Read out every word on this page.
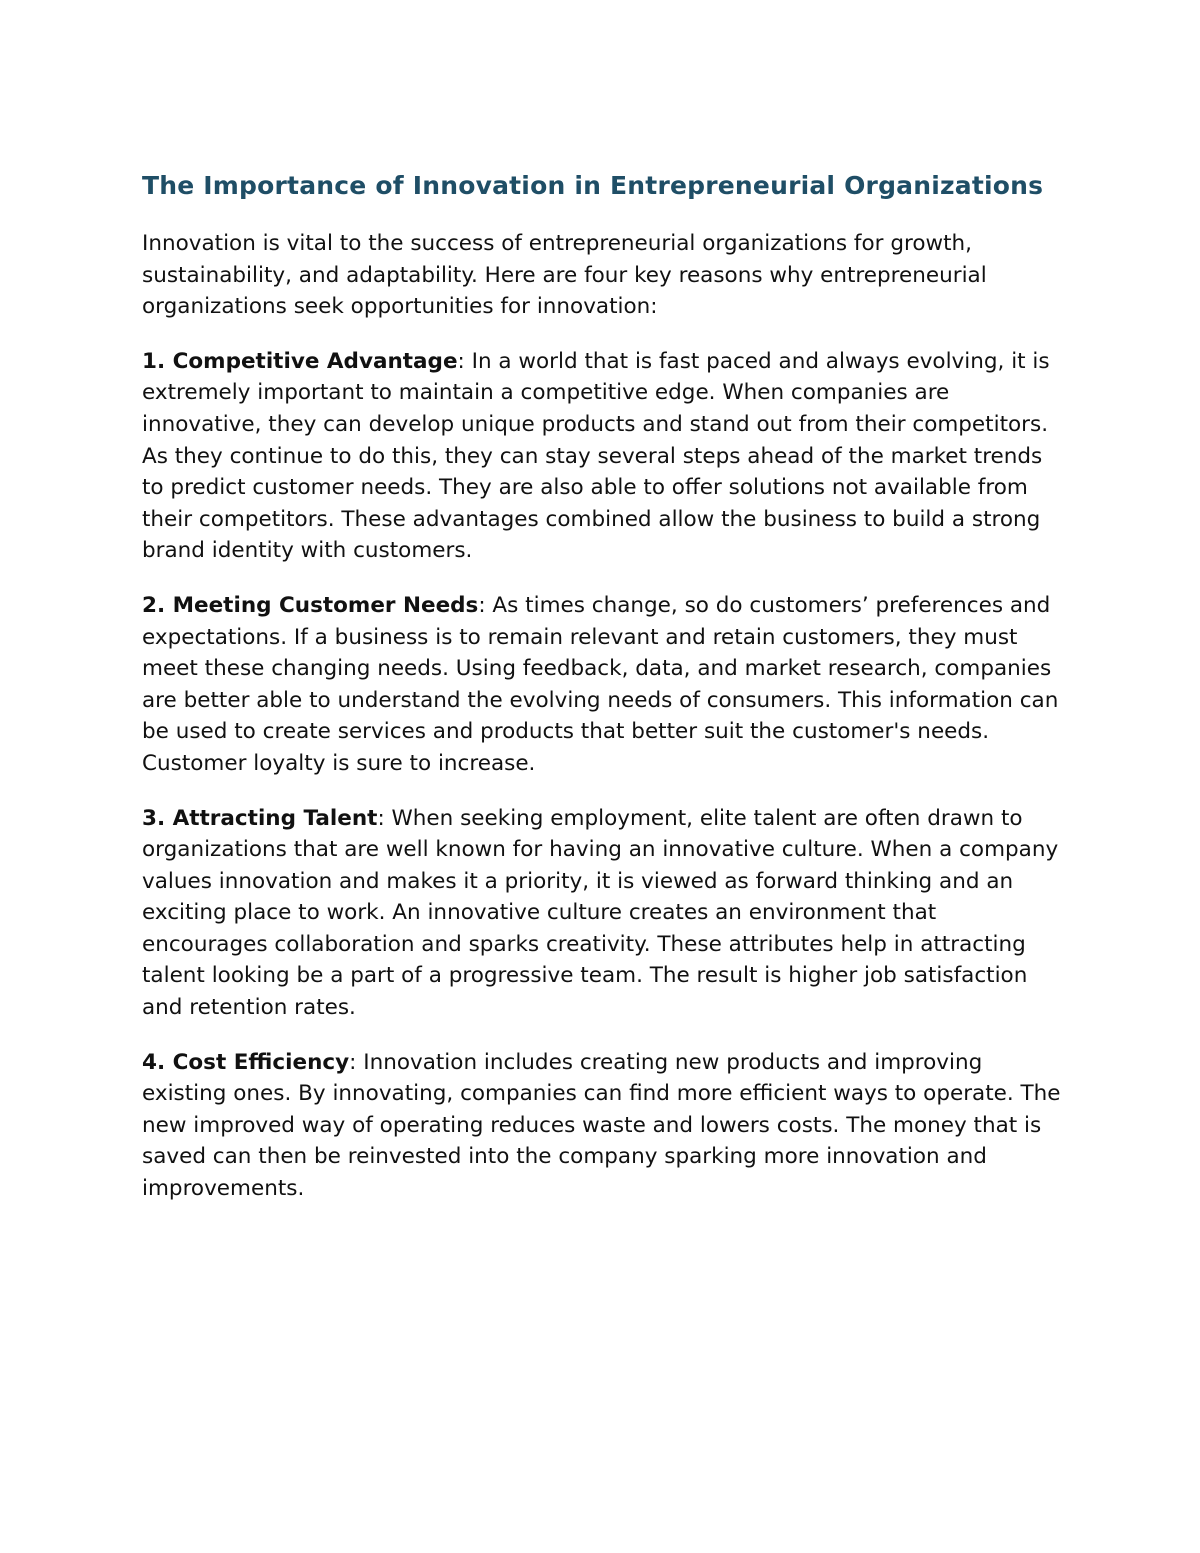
The Importance of Innovation in Entrepreneurial Organizations

Innovation is vital to the success of entrepreneurial organizations for growth, sustainability, and adaptability. Here are four key reasons why entrepreneurial organizations seek opportunities for innovation:

1. Competitive Advantage: In a world that is fast paced and always evolving, it is extremely important to maintain a competitive edge. When companies are innovative, they can develop unique products and stand out from their competitors. As they continue to do this, they can stay several steps ahead of the market trends to predict customer needs. They are also able to offer solutions not available from their competitors. These advantages combined allow the business to build a strong brand identity with customers.

2. Meeting Customer Needs: As times change, so do customers’ preferences and expectations. If a business is to remain relevant and retain customers, they must meet these changing needs. Using feedback, data, and market research, companies are better able to understand the evolving needs of consumers. This information can be used to create services and products that better suit the customer's needs. Customer loyalty is sure to increase.

3. Attracting Talent: When seeking employment, elite talent are often drawn to organizations that are well known for having an innovative culture. When a company values innovation and makes it a priority, it is viewed as forward thinking and an exciting place to work. An innovative culture creates an environment that encourages collaboration and sparks creativity. These attributes help in attracting talent looking be a part of a progressive team. The result is higher job satisfaction and retention rates.

4. Cost Efficiency: Innovation includes creating new products and improving existing ones. By innovating, companies can find more efficient ways to operate. The new improved way of operating reduces waste and lowers costs. The money that is saved can then be reinvested into the company sparking more innovation and improvements.
